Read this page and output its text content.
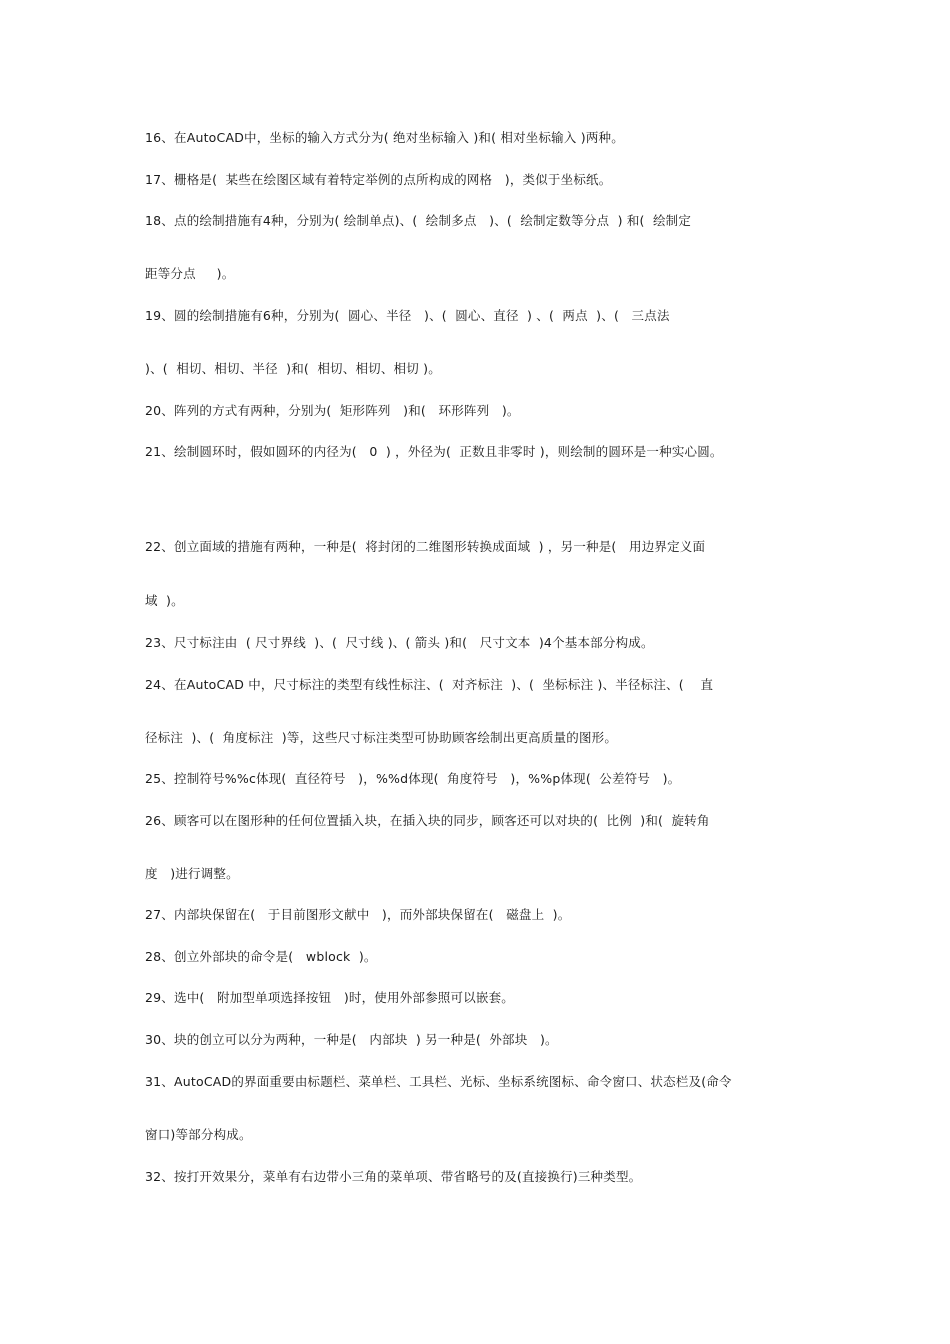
16、在AutoCAD中，坐标的输入方式分为( 绝对坐标输入 )和( 相对坐标输入 )两种。
17、栅格是(  某些在绘图区域有着特定举例的点所构成的网格   )，类似于坐标纸。
18、点的绘制措施有4种，分别为( 绘制单点)、(  绘制多点   )、(  绘制定数等分点  ) 和(  绘制定
距等分点     )。
19、圆的绘制措施有6种，分别为(  圆心、半径   )、(  圆心、直径  ) 、(  两点  )、(   三点法
)、(  相切、相切、半径  )和(  相切、相切、相切 )。
20、阵列的方式有两种，分别为(  矩形阵列   )和(   环形阵列   )。
21、绘制圆环时，假如圆环的内径为(   0  ) ，外径为(  正数且非零时 )，则绘制的圆环是一种实心圆。
22、创立面域的措施有两种，一种是(  将封闭的二维图形转换成面域  ) ，另一种是(   用边界定义面
域  )。
23、尺寸标注由  ( 尺寸界线  )、(  尺寸线 )、( 箭头 )和(   尺寸文本  )4个基本部分构成。
24、在AutoCAD 中，尺寸标注的类型有线性标注、(  对齐标注  )、(  坐标标注 )、半径标注、(    直
径标注  )、(  角度标注  )等，这些尺寸标注类型可协助顾客绘制出更高质量的图形。
25、控制符号%%c体现(  直径符号   )，%%d体现(  角度符号   )，%%p体现(  公差符号   )。
26、顾客可以在图形种的任何位置插入块，在插入块的同步，顾客还可以对块的(  比例  )和(  旋转角
度   )进行调整。
27、内部块保留在(   于目前图形文献中   )，而外部块保留在(   磁盘上  )。
28、创立外部块的命令是(   wblock  )。
29、选中(   附加型单项选择按钮   )时，使用外部参照可以嵌套。
30、块的创立可以分为两种，一种是(   内部块  ) 另一种是(  外部块   )。
31、AutoCAD的界面重要由标题栏、菜单栏、工具栏、光标、坐标系统图标、命令窗口、状态栏及(命令
窗口)等部分构成。
32、按打开效果分，菜单有右边带小三角的菜单项、带省略号的及(直接换行)三种类型。
